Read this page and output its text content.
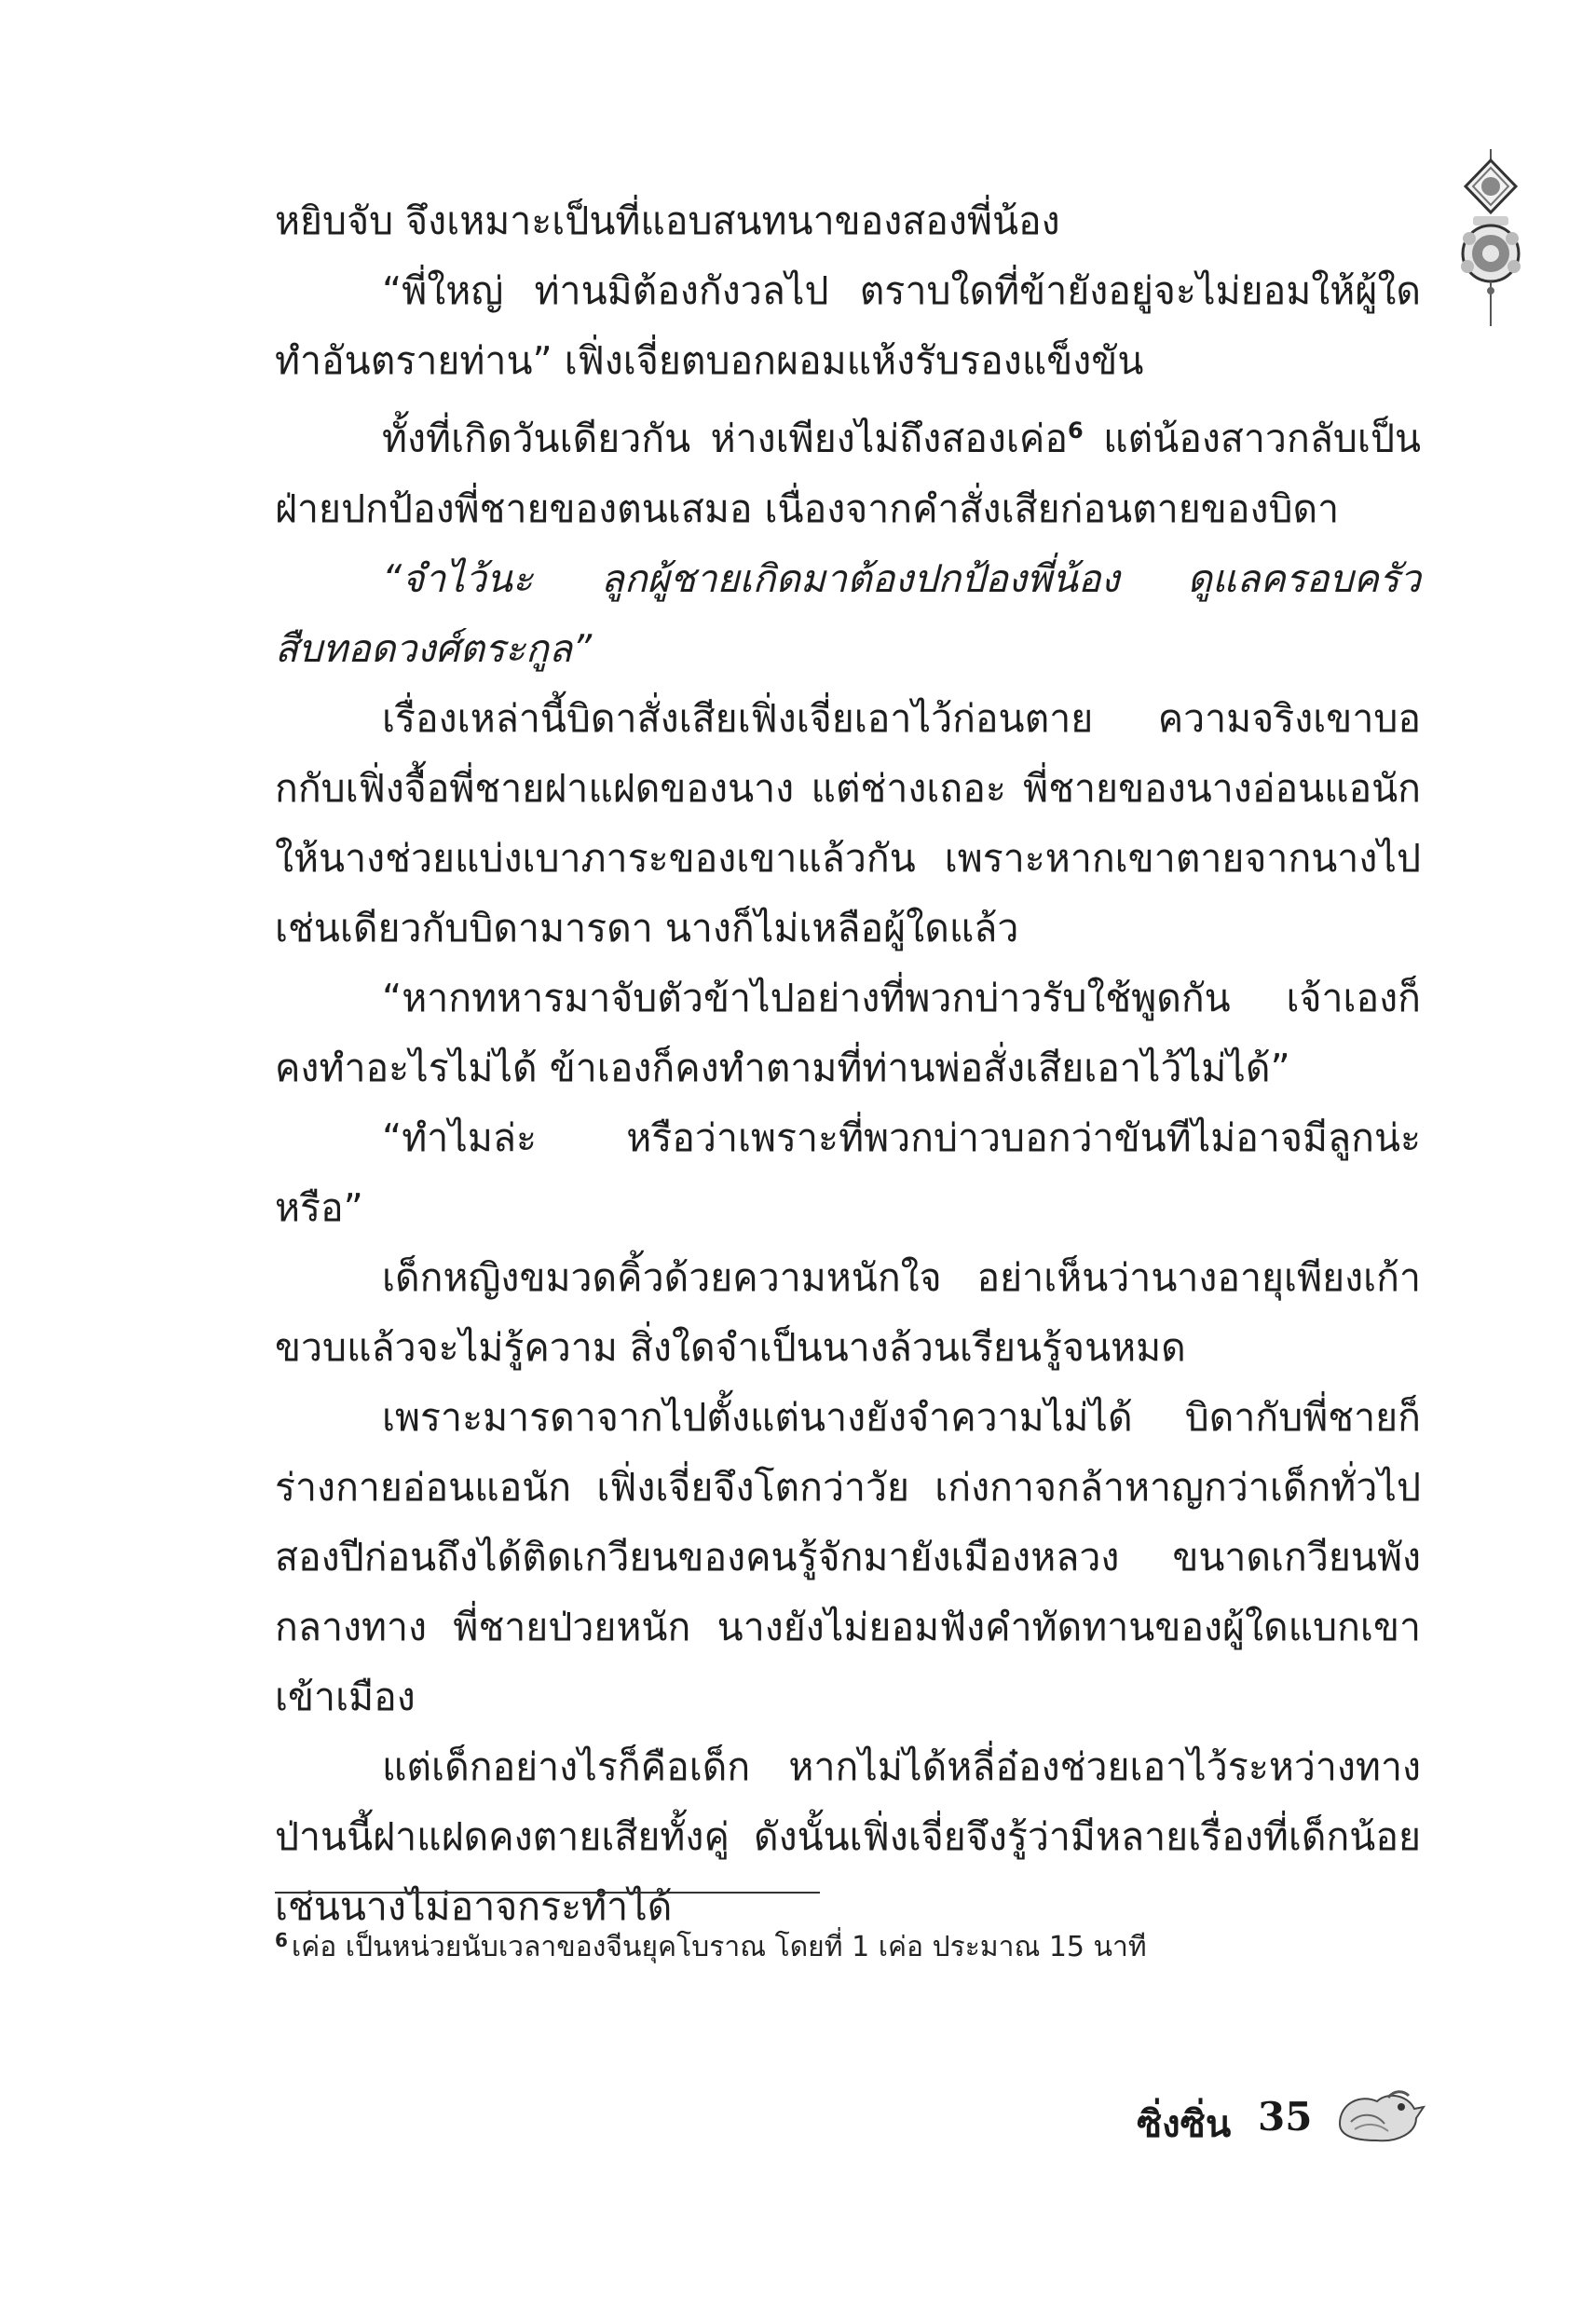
หยิบจับ จึงเหมาะเป็นที่แอบสนทนาของสองพี่น้อง

“พี่ใหญ่ ท่านมิต้องกังวลไป ตราบใดที่ข้ายังอยู่จะไม่ยอมให้ผู้ใดทำอันตรายท่าน” เฟิ่งเจี่ยตบอกผอมแห้งรับรองแข็งขัน

ทั้งที่เกิดวันเดียวกัน ห่างเพียงไม่ถึงสองเค่อ$^6$ แต่น้องสาวกลับเป็นฝ่ายปกป้องพี่ชายของตนเสมอ เนื่องจากคำสั่งเสียก่อนตายของบิดา

“จำไว้นะ ลูกผู้ชายเกิดมาต้องปกป้องพี่น้อง ดูแลครอบครัวสืบทอดวงศ์ตระกูล”

เรื่องเหล่านี้บิดาสั่งเสียเฟิ่งเจี่ยเอาไว้ก่อนตาย ความจริงเขาบอกกับเฟิ่งจื้อพี่ชายฝาแฝดของนาง แต่ช่างเถอะ พี่ชายของนางอ่อนแอนักให้นางช่วยแบ่งเบาภาระของเขาแล้วกัน เพราะหากเขาตายจากนางไปเช่นเดียวกับบิดามารดา นางก็ไม่เหลือผู้ใดแล้ว

“หากทหารมาจับตัวข้าไปอย่างที่พวกบ่าวรับใช้พูดกัน เจ้าเองก็คงทำอะไรไม่ได้ ข้าเองก็คงทำตามที่ท่านพ่อสั่งเสียเอาไว้ไม่ได้”

“ทำไมล่ะ หรือว่าเพราะที่พวกบ่าวบอกว่าขันทีไม่อาจมีลูกน่ะหรือ”

เด็กหญิงขมวดคิ้วด้วยความหนักใจ อย่าเห็นว่านางอายุเพียงเก้าขวบแล้วจะไม่รู้ความ สิ่งใดจำเป็นนางล้วนเรียนรู้จนหมด

เพราะมารดาจากไปตั้งแต่นางยังจำความไม่ได้ บิดากับพี่ชายก็ร่างกายอ่อนแอนัก เฟิ่งเจี่ยจึงโตกว่าวัย เก่งกาจกล้าหาญกว่าเด็กทั่วไป สองปีก่อนถึงได้ติดเกวียนของคนรู้จักมายังเมืองหลวง ขนาดเกวียนพังกลางทาง พี่ชายป่วยหนัก นางยังไม่ยอมฟังคำทัดทานของผู้ใดแบกเขาเข้าเมือง

แต่เด็กอย่างไรก็คือเด็ก หากไม่ได้หลี่อ๋องช่วยเอาไว้ระหว่างทาง ป่านนี้ฝาแฝดคงตายเสียทั้งคู่ ดังนั้นเฟิ่งเจี่ยจึงรู้ว่ามีหลายเรื่องที่เด็กน้อยเช่นนางไม่อาจกระทำได้

$^6$ เค่อ เป็นหน่วยนับเวลาของจีนยุคโบราณ โดยที่ 1 เค่อ ประมาณ 15 นาที
ซิ่งซิ่น 35
